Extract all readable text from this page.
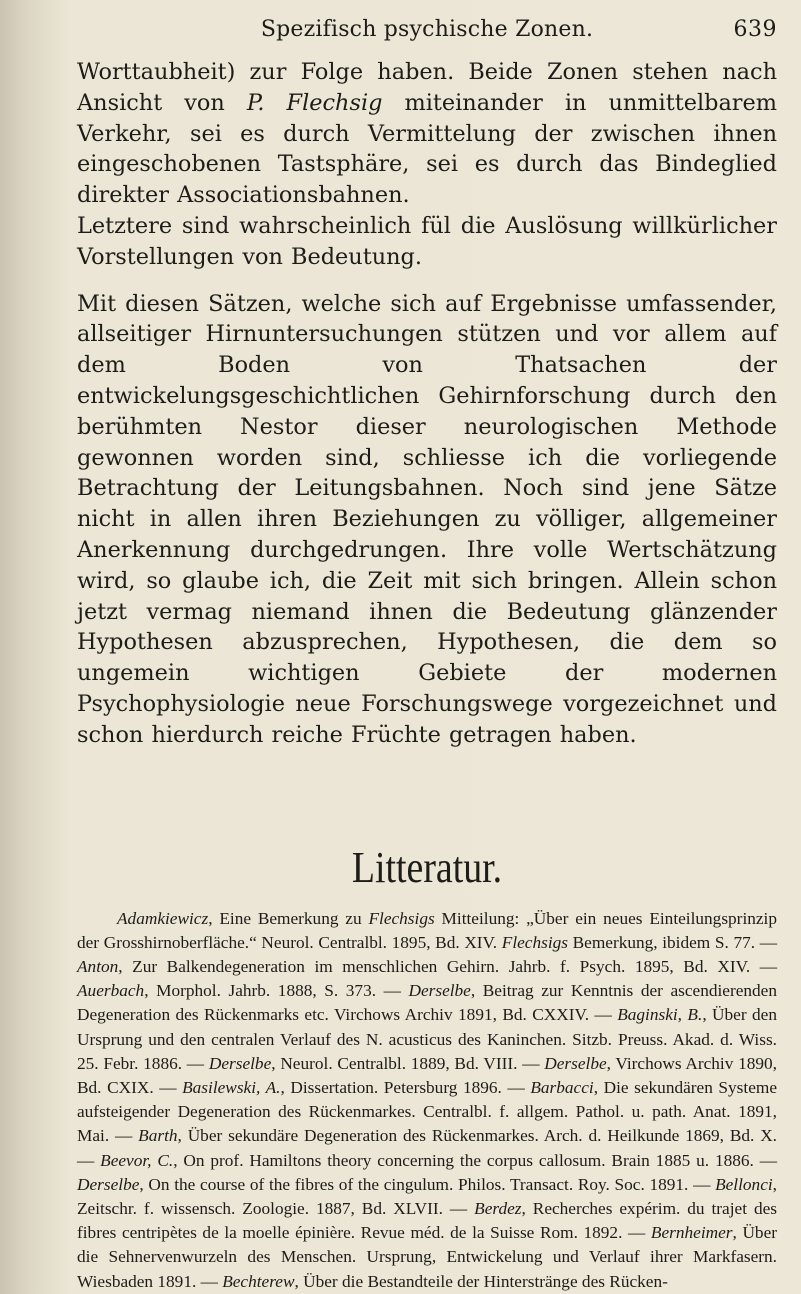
Spezifisch psychische Zonen.	639

Worttaubheit) zur Folge haben. Beide Zonen stehen nach Ansicht von P. Flechsig miteinander in unmittelbarem Verkehr, sei es durch Vermittelung der zwischen ihnen eingeschobenen Tastsphäre, sei es durch das Bindeglied direkter Associationsbahnen.

Letztere sind wahrscheinlich fül die Auslösung willkürlicher Vorstellungen von Bedeutung.

Mit diesen Sätzen, welche sich auf Ergebnisse umfassender, allseitiger Hirnuntersuchungen stützen und vor allem auf dem Boden von Thatsachen der entwickelungsgeschichtlichen Gehirnforschung durch den berühmten Nestor dieser neurologischen Methode gewonnen worden sind, schliesse ich die vorliegende Betrachtung der Leitungsbahnen. Noch sind jene Sätze nicht in allen ihren Beziehungen zu völliger, allgemeiner Anerkennung durchgedrungen. Ihre volle Wertschätzung wird, so glaube ich, die Zeit mit sich bringen. Allein schon jetzt vermag niemand ihnen die Bedeutung glänzender Hypothesen abzusprechen, Hypothesen, die dem so ungemein wichtigen Gebiete der modernen Psychophysiologie neue Forschungswege vorgezeichnet und schon hierdurch reiche Früchte getragen haben.

Litteratur.

Adamkiewicz, Eine Bemerkung zu Flechsigs Mitteilung: „Über ein neues Einteilungsprinzip der Grosshirnoberfläche.“ Neurol. Centralbl. 1895, Bd. XIV. Flechsigs Bemerkung, ibidem S. 77. — Anton, Zur Balkendegeneration im menschlichen Gehirn. Jahrb. f. Psych. 1895, Bd. XIV. — Auerbach, Morphol. Jahrb. 1888, S. 373. — Derselbe, Beitrag zur Kenntnis der ascendierenden Degeneration des Rückenmarks etc. Virchows Archiv 1891, Bd. CXXIV. — Baginski, B., Über den Ursprung und den centralen Verlauf des N. acusticus des Kaninchen. Sitzb. Preuss. Akad. d. Wiss. 25. Febr. 1886. — Derselbe, Neurol. Centralbl. 1889, Bd. VIII. — Derselbe, Virchows Archiv 1890, Bd. CXIX. — Basilewski, A., Dissertation. Petersburg 1896. — Barbacci, Die sekundären Systeme aufsteigender Degeneration des Rückenmarkes. Centralbl. f. allgem. Pathol. u. path. Anat. 1891, Mai. — Barth, Über sekundäre Degeneration des Rückenmarkes. Arch. d. Heilkunde 1869, Bd. X. — Beevor, C., On prof. Hamiltons theory concerning the corpus callosum. Brain 1885 u. 1886. — Derselbe, On the course of the fibres of the cingulum. Philos. Transact. Roy. Soc. 1891. — Bellonci, Zeitschr. f. wissensch. Zoologie. 1887, Bd. XLVII. — Berdez, Recherches expérim. du trajet des fibres centripètes de la moelle épinière. Revue méd. de la Suisse Rom. 1892. — Bernheimer, Über die Sehnervenwurzeln des Menschen. Ursprung, Entwickelung und Verlauf ihrer Markfasern. Wiesbaden 1891. — Bechterew, Über die Bestandteile der Hinterstränge des Rücken-
